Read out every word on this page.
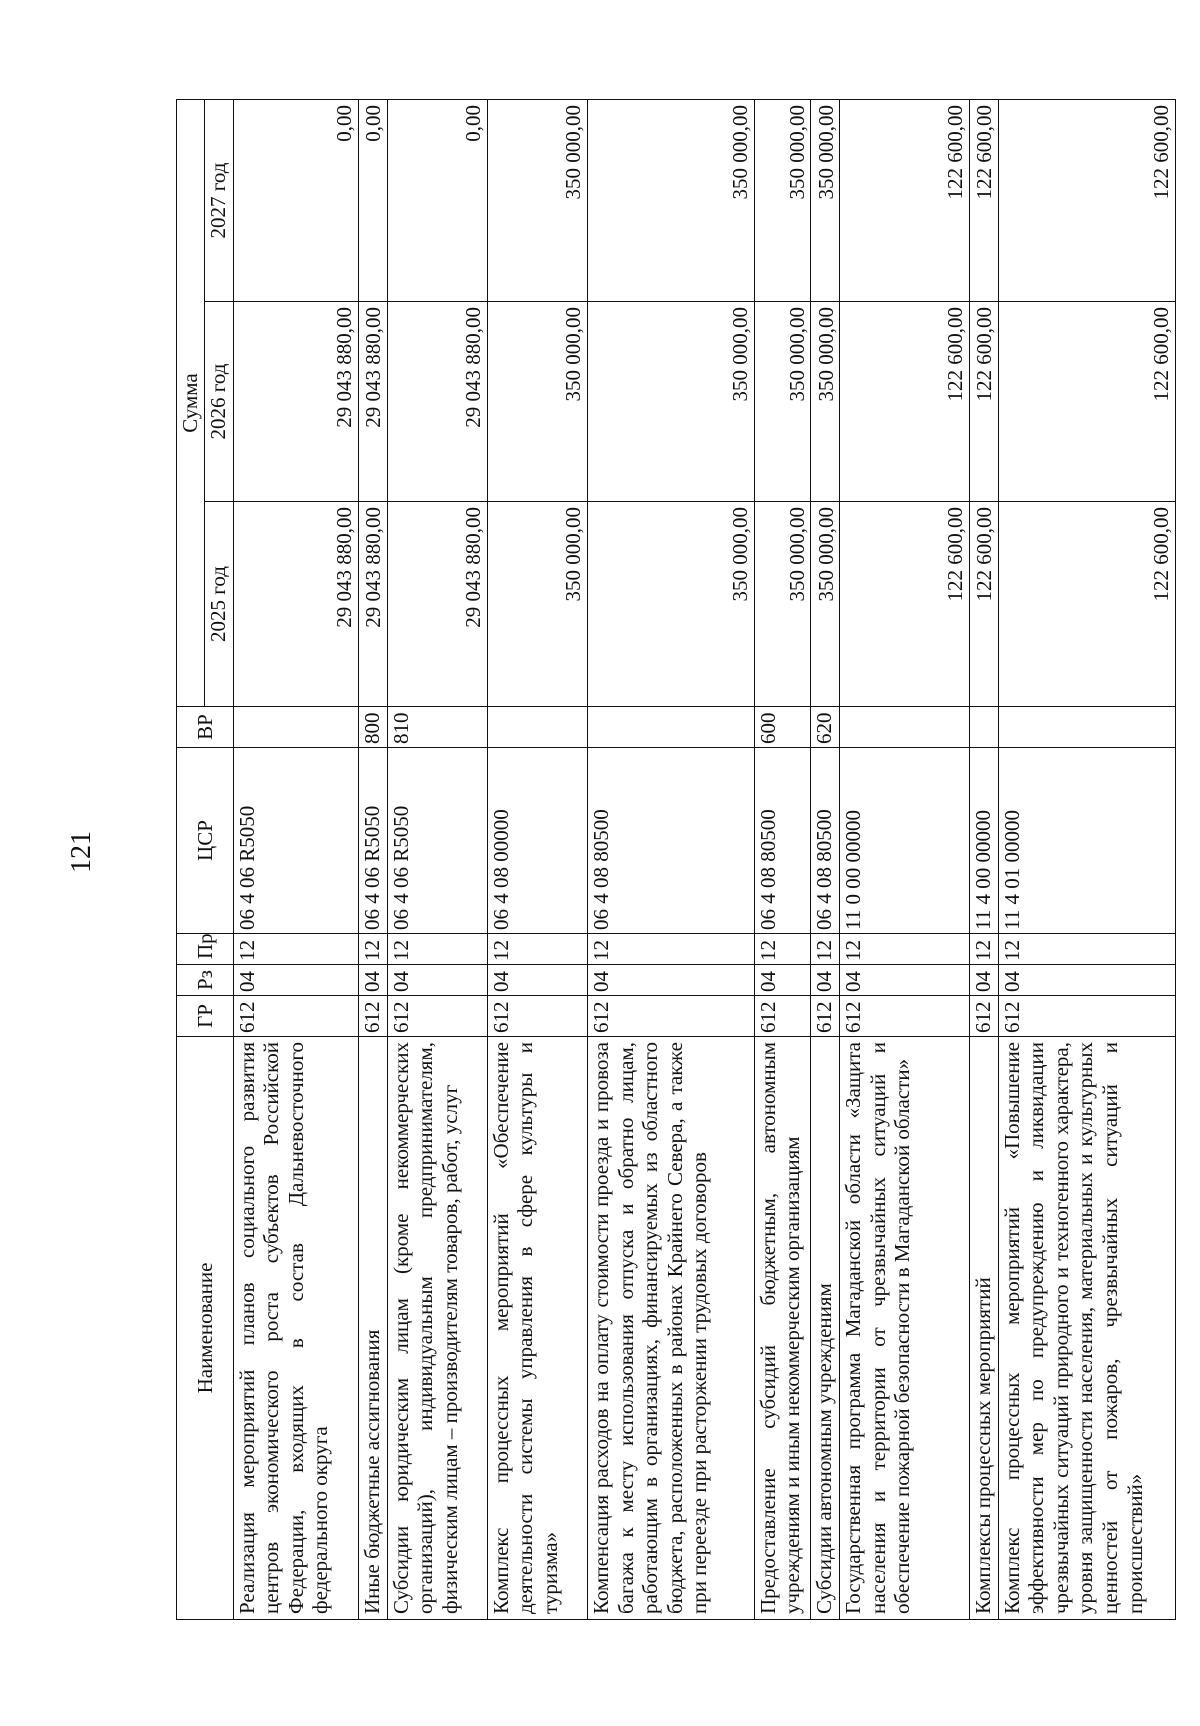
121
Наименование	ГР	Рз	Пр	ЦСР	ВР	Сумма		
						2025 год	2026 год	2027 год
Реализация мероприятий планов социального развития центров экономического роста субъектов Российской Федерации, входящих в состав Дальневосточного федерального округа	612	04	12	06 4 06 R5050		29 043 880,00	29 043 880,00	0,00
Иные бюджетные ассигнования	612	04	12	06 4 06 R5050	800	29 043 880,00	29 043 880,00	0,00
Субсидии юридическим лицам (кроме некоммерческих организаций), индивидуальным предпринимателям, физическим лицам – производителям товаров, работ, услуг	612	04	12	06 4 06 R5050	810	29 043 880,00	29 043 880,00	0,00
Комплекс процессных мероприятий «Обеспечение деятельности системы управления в сфере культуры и туризма»	612	04	12	06 4 08 00000		350 000,00	350 000,00	350 000,00
Компенсация расходов на оплату стоимости проезда и провоза багажа к месту использования отпуска и обратно лицам, работающим в организациях, финансируемых из областного бюджета, расположенных в районах Крайнего Севера, а также при переезде при расторжении трудовых договоров	612	04	12	06 4 08 80500		350 000,00	350 000,00	350 000,00
Предоставление субсидий бюджетным, автономным учреждениям и иным некоммерческим организациям	612	04	12	06 4 08 80500	600	350 000,00	350 000,00	350 000,00
Субсидии автономным учреждениям	612	04	12	06 4 08 80500	620	350 000,00	350 000,00	350 000,00
Государственная программа Магаданской области «Защита населения и территории от чрезвычайных ситуаций и обеспечение пожарной безопасности в Магаданской области»	612	04	12	11 0 00 00000		122 600,00	122 600,00	122 600,00
Комплексы процессных мероприятий	612	04	12	11 4 00 00000		122 600,00	122 600,00	122 600,00
Комплекс процессных мероприятий «Повышение эффективности мер по предупреждению и ликвидации чрезвычайных ситуаций природного и техногенного характера, уровня защищенности населения, материальных и культурных ценностей от пожаров, чрезвычайных ситуаций и происшествий»	612	04	12	11 4 01 00000		122 600,00	122 600,00	122 600,00
